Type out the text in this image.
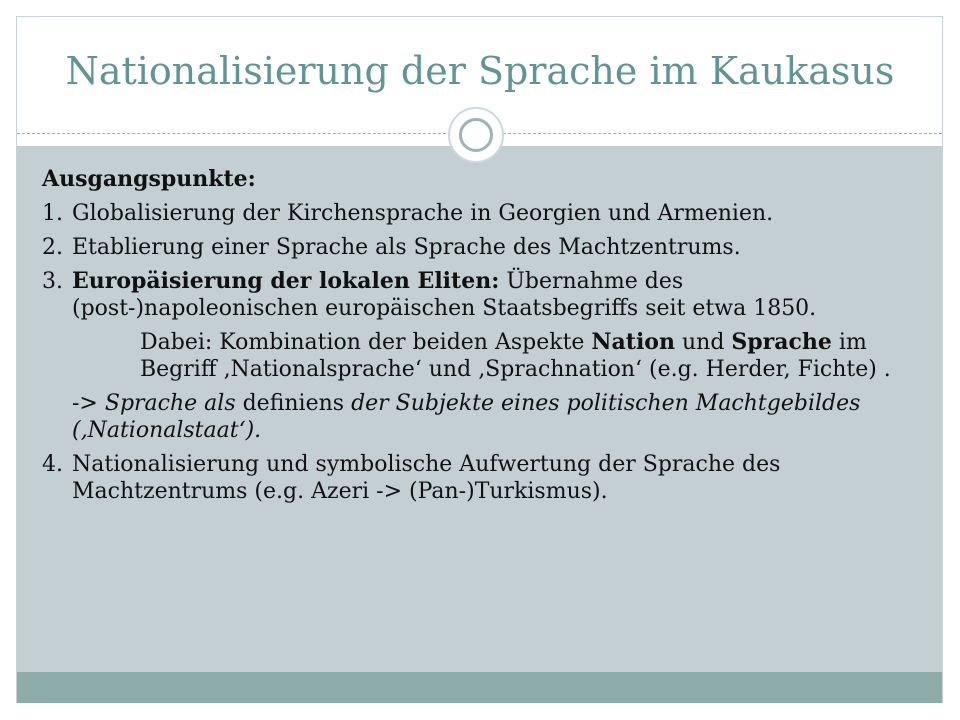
Nationalisierung der Sprache im Kaukasus
Ausgangspunkte:
1. Globalisierung der Kirchensprache in Georgien und Armenien.
2. Etablierung einer Sprache als Sprache des Machtzentrums.
3. Europäisierung der lokalen Eliten: Übernahme des (post-)napoleonischen europäischen Staatsbegriffs seit etwa 1850.
Dabei: Kombination der beiden Aspekte Nation und Sprache im Begriff ‚Nationalsprache‘ und ‚Sprachnation‘ (e.g. Herder, Fichte) .
-> Sprache als definiens der Subjekte eines politischen Machtgebildes (‚Nationalstaat‘).
4. Nationalisierung und symbolische Aufwertung der Sprache des Machtzentrums (e.g. Azeri -> (Pan-)Turkismus).
